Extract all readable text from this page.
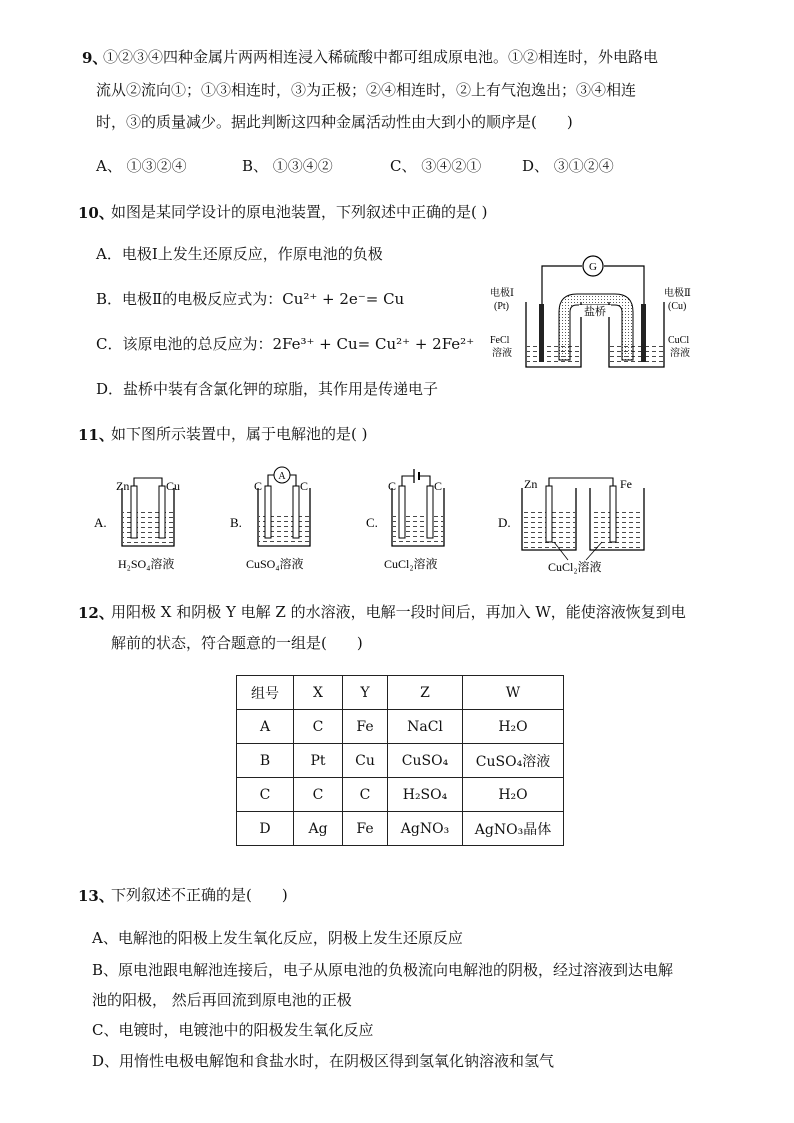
9、
①②③④四种金属片两两相连浸入稀硫酸中都可组成原电池。①②相连时，外电路电
流从②流向①；①③相连时，③为正极；②④相连时，②上有气泡逸出；③④相连
时，③的质量减少。据此判断这四种金属活动性由大到小的顺序是(　　)
A、 ①③②④	B、 ①③④②	C、 ③④②①	D、 ③①②④
10、
如图是某同学设计的原电池装置，下列叙述中正确的是( )
A．电极Ⅰ上发生还原反应，作原电池的负极
B．电极Ⅱ的电极反应式为：Cu²⁺ + 2e⁻= Cu
C．该原电池的总反应为：2Fe³⁺ + Cu= Cu²⁺ + 2Fe²⁺
D．盐桥中装有含氯化钾的琼脂，其作用是传递电子
G
盐桥
电极Ⅰ
(Pt)
电极Ⅱ
(Cu)
FeCl
溶液
CuCl
溶液
11、
如下图所示装置中，属于电解池的是( )
A.
Zn	Cu
H₂SO₄溶液
B.
C	C
A
CuSO₄溶液
C.
C	C
CuCl₂溶液
D.
Zn	Fe
CuCl₂溶液
12、
用阳极 X 和阴极 Y 电解 Z 的水溶液，电解一段时间后，再加入 W，能使溶液恢复到电
解前的状态，符合题意的一组是(　　)
组号	X	Y	Z	W
A	C	Fe	NaCl	H₂O
B	Pt	Cu	CuSO₄	CuSO₄溶液
C	C	C	H₂SO₄	H₂O
D	Ag	Fe	AgNO₃	AgNO₃晶体
13、
下列叙述不正确的是(　　)
A、电解池的阳极上发生氧化反应，阴极上发生还原反应
B、原电池跟电解池连接后，电子从原电池的负极流向电解池的阴极，经过溶液到达电解
池的阳极， 然后再回流到原电池的正极
C、电镀时，电镀池中的阳极发生氧化反应
D、用惰性电极电解饱和食盐水时，在阴极区得到氢氧化钠溶液和氢气
